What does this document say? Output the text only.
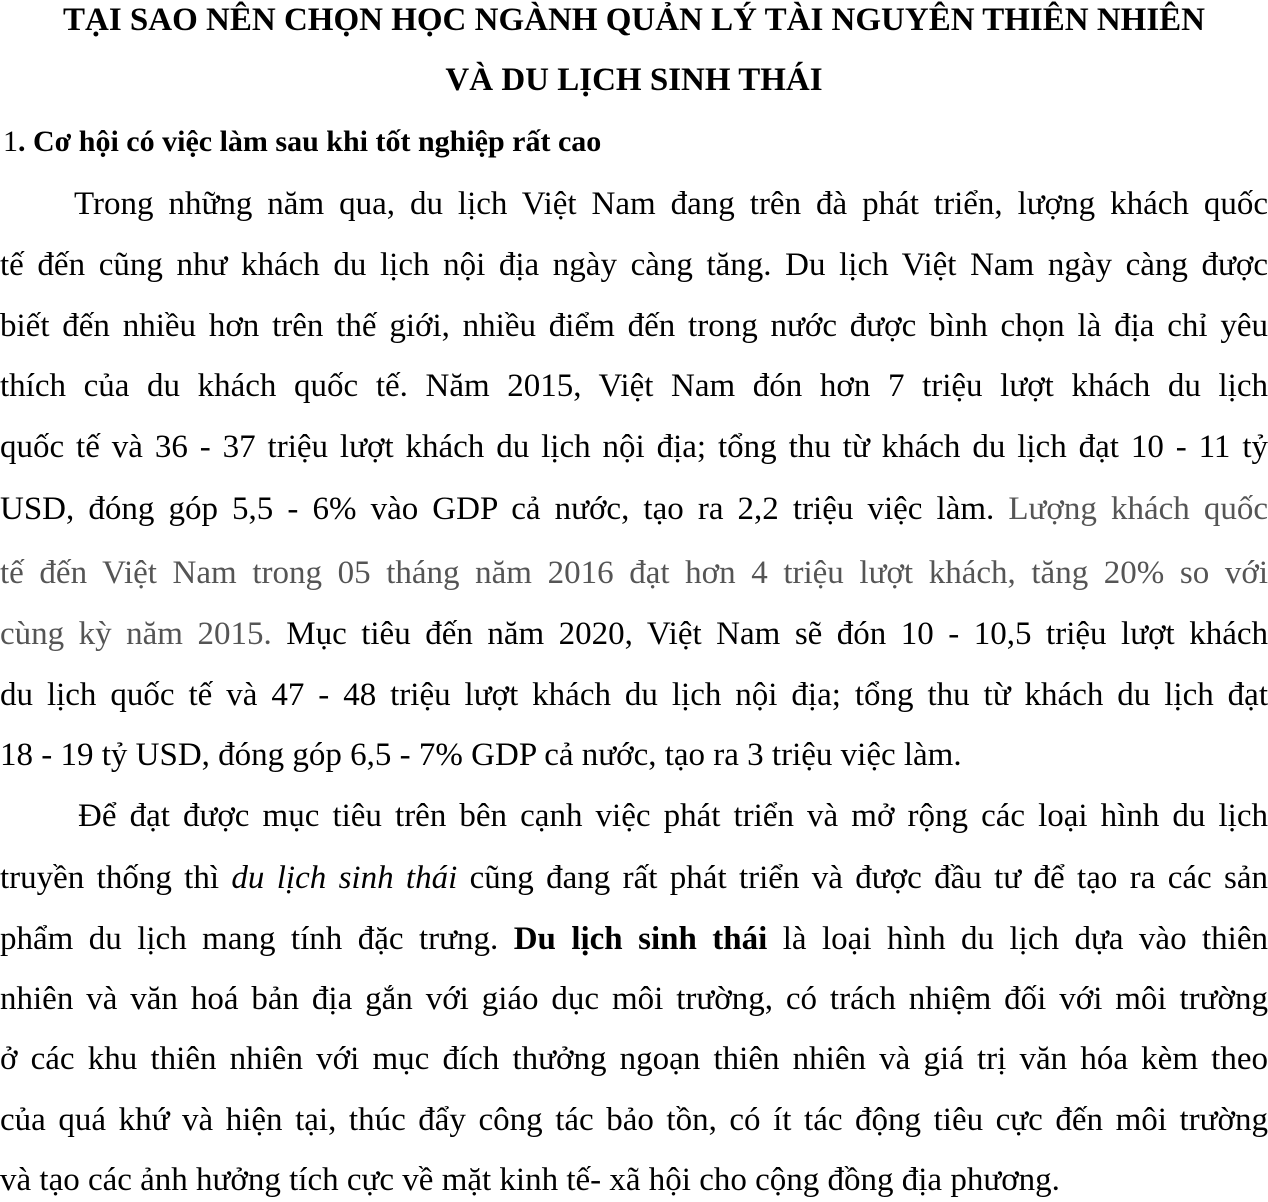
TẠI SAO NÊN CHỌN HỌC NGÀNH QUẢN LÝ TÀI NGUYÊN THIÊN NHIÊN
VÀ DU LỊCH SINH THÁI
1. Cơ hội có việc làm sau khi tốt nghiệp rất cao
Trong những năm qua, du lịch Việt Nam đang trên đà phát triển, lượng khách quốc
tế đến cũng như khách du lịch nội địa ngày càng tăng. Du lịch Việt Nam ngày càng được
biết đến nhiều hơn trên thế giới, nhiều điểm đến trong nước được bình chọn là địa chỉ yêu
thích của du khách quốc tế. Năm 2015, Việt Nam đón hơn 7 triệu lượt khách du lịch
quốc tế và 36 - 37 triệu lượt khách du lịch nội địa; tổng thu từ khách du lịch đạt 10 - 11 tỷ
USD, đóng góp 5,5 - 6% vào GDP cả nước, tạo ra 2,2 triệu việc làm. Lượng khách quốc
tế đến Việt Nam trong 05 tháng năm 2016 đạt hơn 4 triệu lượt khách, tăng 20% so với
cùng kỳ năm 2015. Mục tiêu đến năm 2020, Việt Nam sẽ đón 10 - 10,5 triệu lượt khách
du lịch quốc tế và 47 - 48 triệu lượt khách du lịch nội địa; tổng thu từ khách du lịch đạt
18 - 19 tỷ USD, đóng góp 6,5 - 7% GDP cả nước, tạo ra 3 triệu việc làm.
Để đạt được mục tiêu trên bên cạnh việc phát triển và mở rộng các loại hình du lịch
truyền thống thì du lịch sinh thái cũng đang rất phát triển và được đầu tư để tạo ra các sản
phẩm du lịch mang tính đặc trưng. Du lịch sinh thái là loại hình du lịch dựa vào thiên
nhiên và văn hoá bản địa gắn với giáo dục môi trường, có trách nhiệm đối với môi trường
ở các khu thiên nhiên với mục đích thưởng ngoạn thiên nhiên và giá trị văn hóa kèm theo
của quá khứ và hiện tại, thúc đẩy công tác bảo tồn, có ít tác động tiêu cực đến môi trường
và tạo các ảnh hưởng tích cực về mặt kinh tế- xã hội cho cộng đồng địa phương.
